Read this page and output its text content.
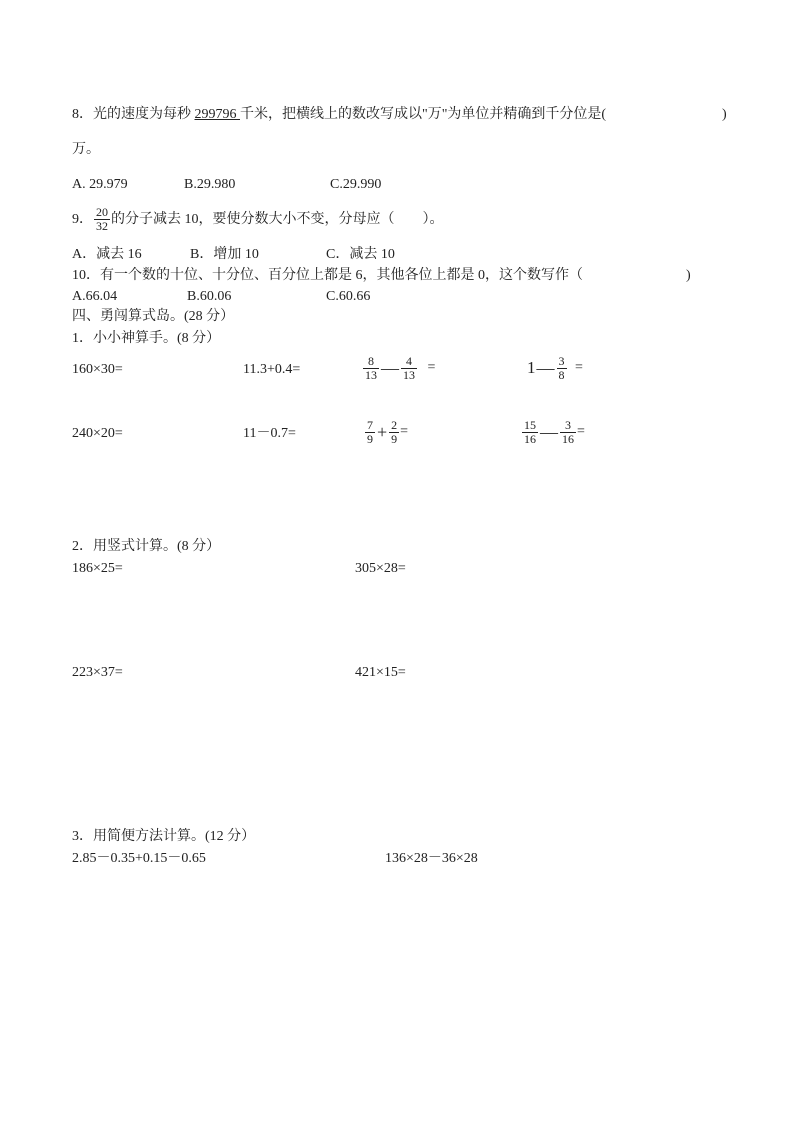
8．光的速度为每秒 299796 千米，把横线上的数改写成以"万"为单位并精确到千分位是(	)
万。
A. 29.979	B.29.980	C.29.990
9． $\frac{20}{32}$ 的分子减去 10，要使分数大小不变，分母应（　　）。
A．减去 16	B．增加 10	C．减去 10
10．有一个数的十位、十分位、百分位上都是 6，其他各位上都是 0，这个数写作（	)
A.66.04	B.60.06	C.60.66
四、勇闯算式岛。(28 分）
1．小小神算手。(8 分）
160×30=	11.3+0.4=	$\frac{8}{13}$ — $\frac{4}{13}$ =	1— $\frac{3}{8}$ =
240×20=	11－0.7=	$\frac{7}{9} + \frac{2}{9}$ =	$\frac{15}{16}$ — $\frac{3}{16}$ =
2．用竖式计算。(8 分）
186×25=	305×28=
223×37=	421×15=
3．用简便方法计算。(12 分）
2.85－0.35+0.15－0.65	136×28－36×28
